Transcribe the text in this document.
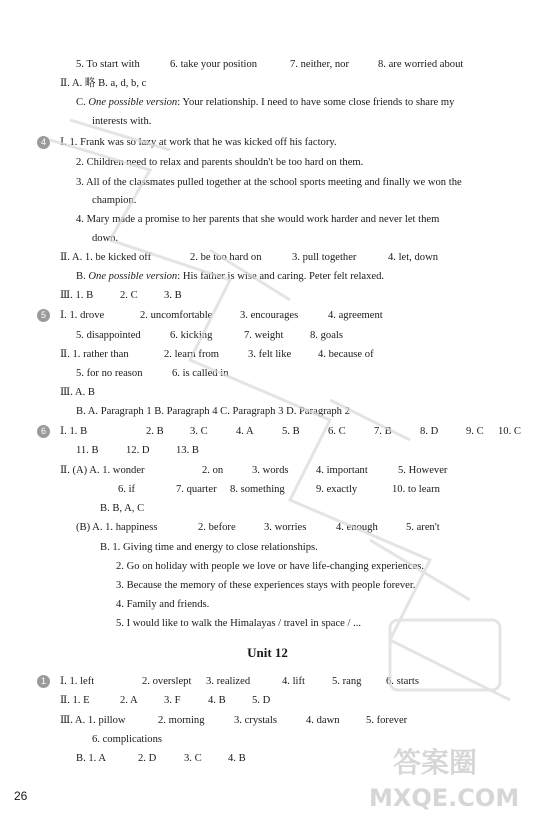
5. To start with	6. take your position	7. neither, nor	8. are worried about
Ⅱ. A. 略 B. a, d, b, c
C. One possible version: Your relationship. I need to have some close friends to share my
interests with.
Ⅰ. 1. Frank was so lazy at work that he was kicked off his factory.
2. Children need to relax and parents shouldn't be too hard on them.
3. All of the classmates pulled together at the school sports meeting and finally we won the
champion.
4. Mary made a promise to her parents that she would work harder and never let them
down.
Ⅱ. A. 1. be kicked off	2. be too hard on	3. pull together	4. let, down
B. One possible version: His father is wise and caring. Peter felt relaxed.
Ⅲ. 1. B	2. C 3. B
Ⅰ. 1. drove	2. uncomfortable	3. encourages	4. agreement
5. disappointed	6. kicking	7. weight	8. goals
Ⅱ. 1. rather than	2. learn from	3. felt like	4. because of
5. for no reason	6. is called in
Ⅲ. A. B
B. A. Paragraph 1 B. Paragraph 4 C. Paragraph 3 D. Paragraph 2
Ⅰ. 1. B	2. B 3. C	4. A	5. B	6. C	7. B	8. D	9. C 10. C
11. B	12. D 13. B
Ⅱ. (A) A. 1. wonder	2. on	3. words	4. important	5. However
6. if	7. quarter 8. something	9. exactly	10. to learn
B. B, A, C
(B) A. 1. happiness	2. before	3. worries	4. enough	5. aren't
B. 1. Giving time and energy to close relationships.
2. Go on holiday with people we love or have life-changing experiences.
3. Because the memory of these experiences stays with people forever.
4. Family and friends.
5. I would like to walk the Himalayas / travel in space / ...
Ⅰ. 1. left	2. overslept 3. realized	4. lift	5. rang 6. starts
Ⅱ. 1. E	2. A 3. F	4. B 5. D
Ⅲ. A. 1. pillow	2. morning	3. crystals	4. dawn 5. forever
6. complications
B. 1. A	2. D	3. C 4. B
4
5
6
1
Unit 12
26
答案圈
MXQE.COM
